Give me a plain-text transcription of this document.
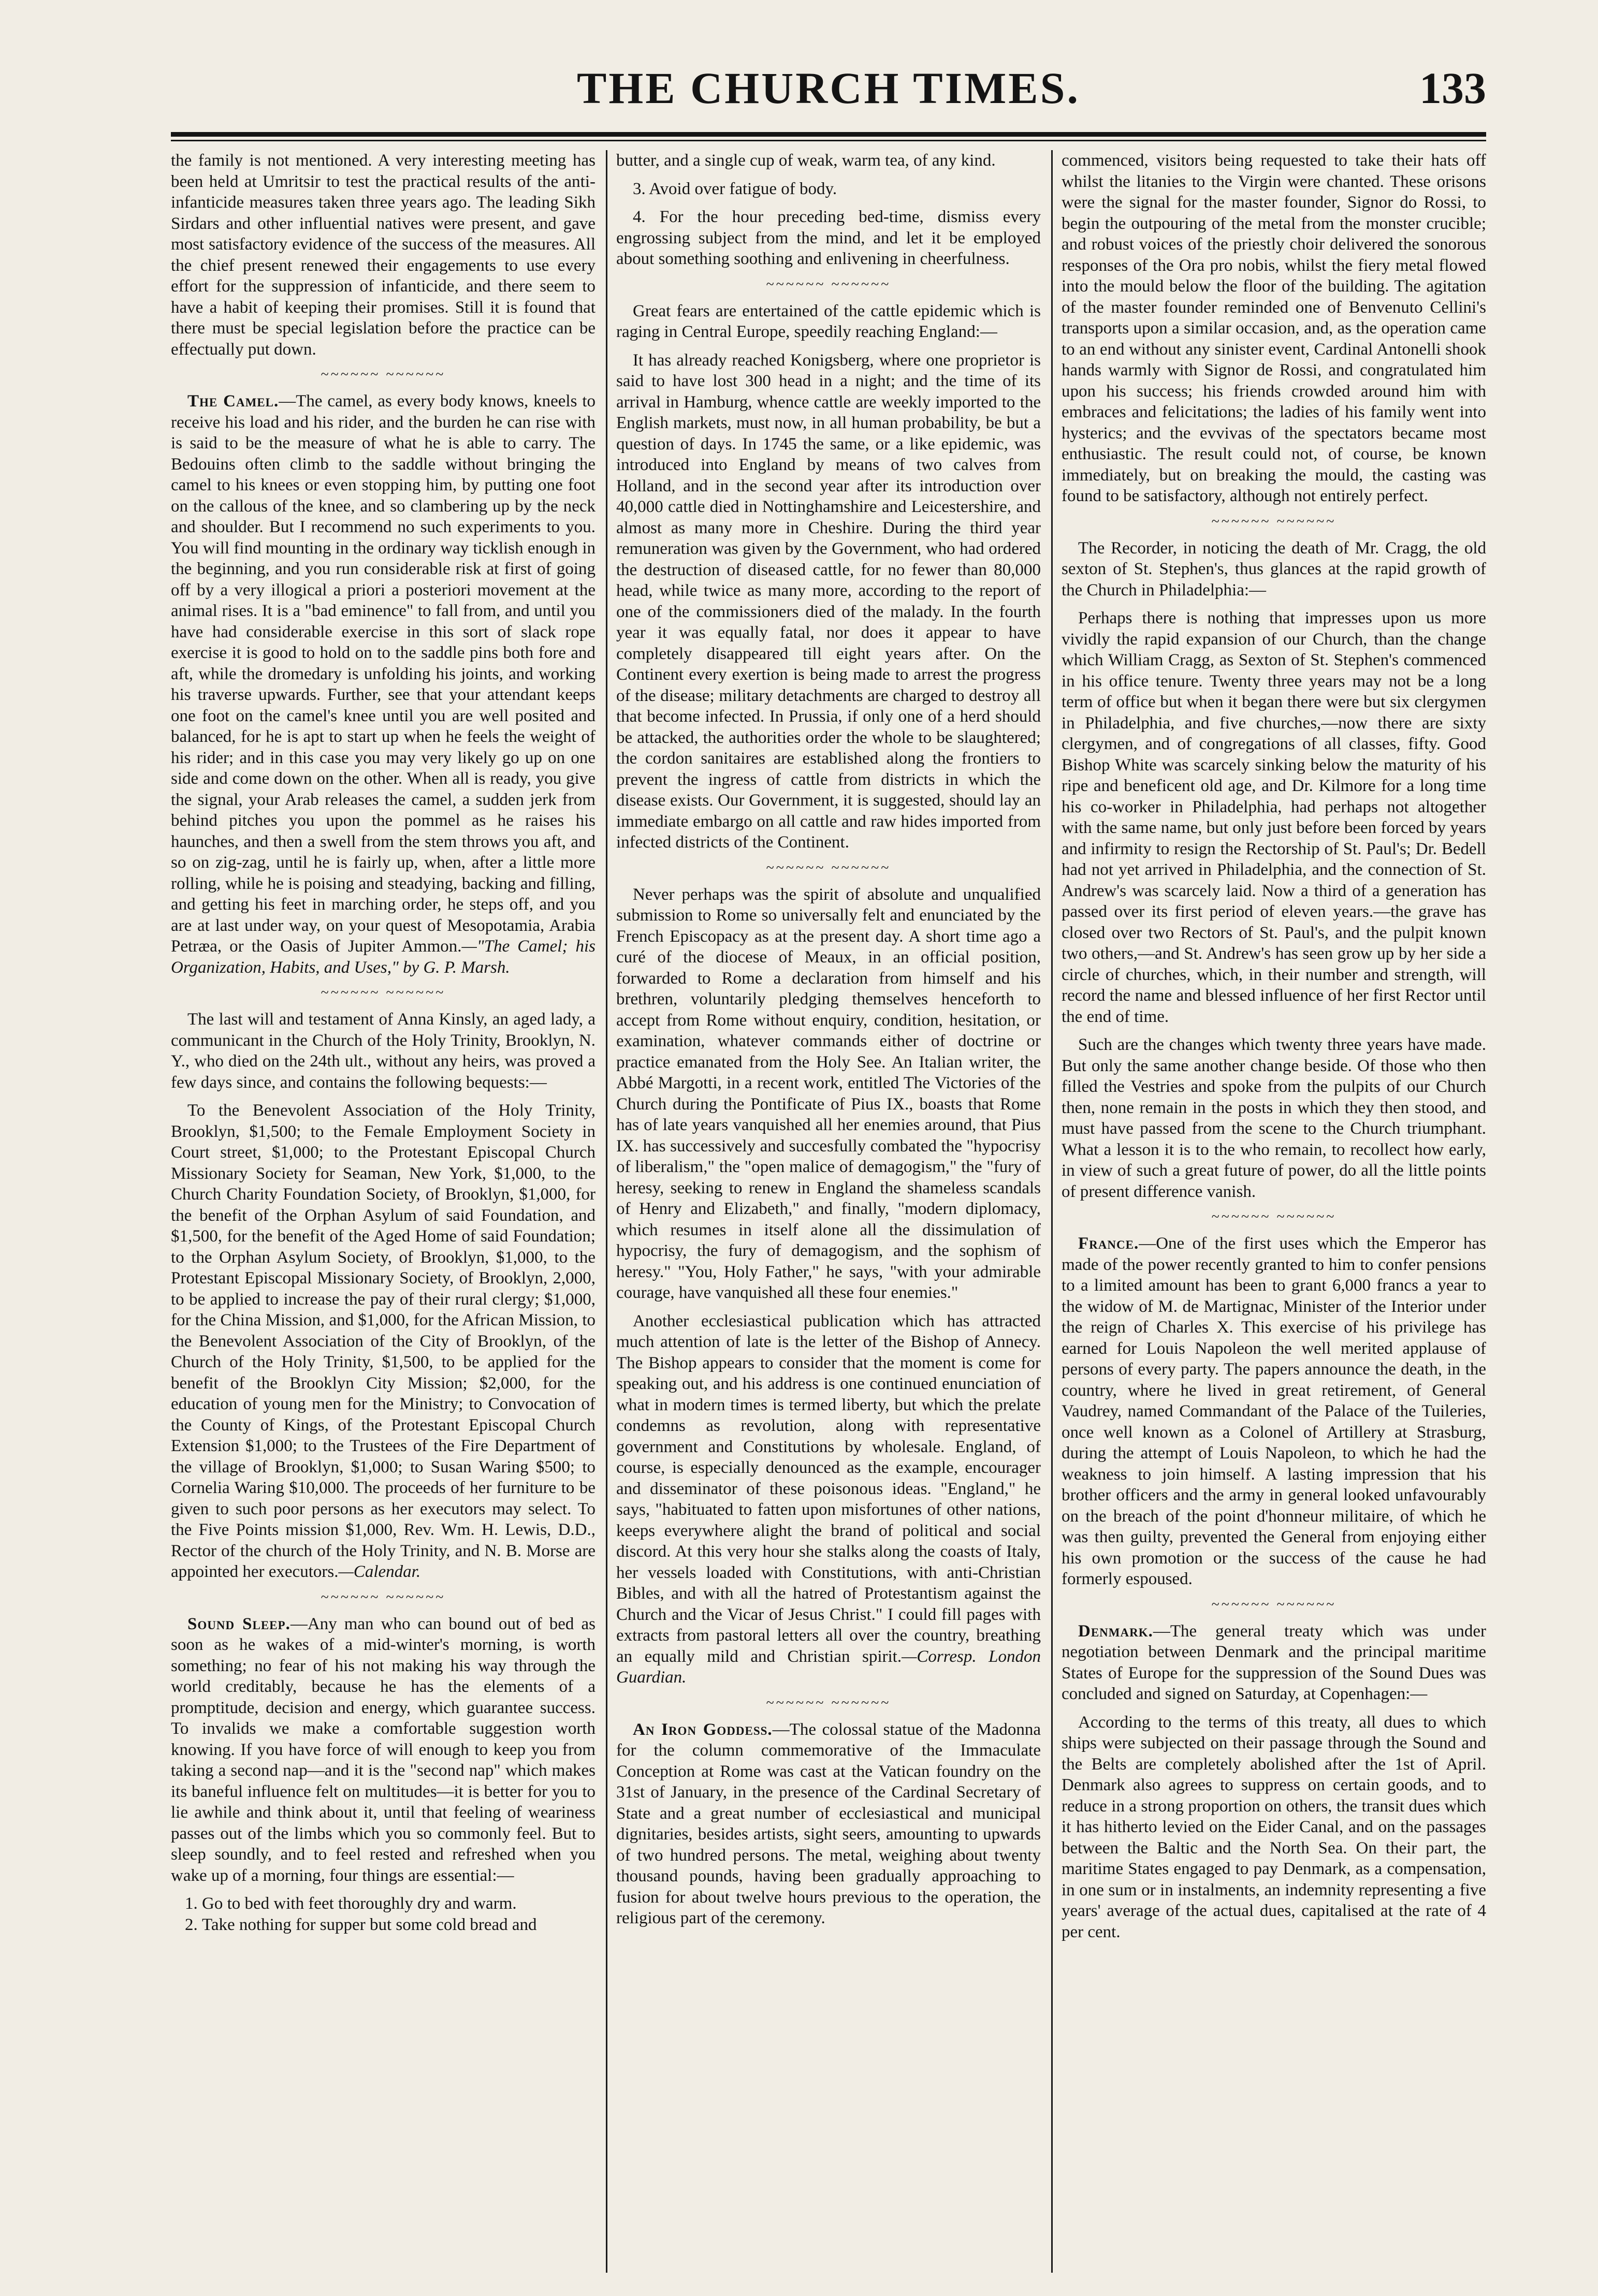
THE CHURCH TIMES.	133

the family is not mentioned. A very interesting meeting has been held at Umritsir to test the practical results of the anti-infanticide measures taken three years ago. The leading Sikh Sirdars and other influential natives were present, and gave most satisfactory evidence of the success of the measures. All the chief present renewed their engagements to use every effort for the suppression of infanticide, and there seem to have a habit of keeping their promises. Still it is found that there must be special legislation before the practice can be effectually put down.

~~~~~~ ~~~~~~

The Camel.—The camel, as every body knows, kneels to receive his load and his rider, and the burden he can rise with is said to be the measure of what he is able to carry. The Bedouins often climb to the saddle without bringing the camel to his knees or even stopping him, by putting one foot on the callous of the knee, and so clambering up by the neck and shoulder. But I recommend no such experiments to you. You will find mounting in the ordinary way ticklish enough in the beginning, and you run considerable risk at first of going off by a very illogical a priori a posteriori movement at the animal rises. It is a "bad eminence" to fall from, and until you have had considerable exercise in this sort of slack rope exercise it is good to hold on to the saddle pins both fore and aft, while the dromedary is unfolding his joints, and working his traverse upwards. Further, see that your attendant keeps one foot on the camel's knee until you are well posited and balanced, for he is apt to start up when he feels the weight of his rider; and in this case you may very likely go up on one side and come down on the other. When all is ready, you give the signal, your Arab releases the camel, a sudden jerk from behind pitches you upon the pommel as he raises his haunches, and then a swell from the stem throws you aft, and so on zig-zag, until he is fairly up, when, after a little more rolling, while he is poising and steadying, backing and filling, and getting his feet in marching order, he steps off, and you are at last under way, on your quest of Mesopotamia, Arabia Petræa, or the Oasis of Jupiter Ammon.—"The Camel; his Organization, Habits, and Uses," by G. P. Marsh.

~~~~~~ ~~~~~~

The last will and testament of Anna Kinsly, an aged lady, a communicant in the Church of the Holy Trinity, Brooklyn, N. Y., who died on the 24th ult., without any heirs, was proved a few days since, and contains the following bequests:—

To the Benevolent Association of the Holy Trinity, Brooklyn, $1,500; to the Female Employment Society in Court street, $1,000; to the Protestant Episcopal Church Missionary Society for Seaman, New York, $1,000, to the Church Charity Foundation Society, of Brooklyn, $1,000, for the benefit of the Orphan Asylum of said Foundation, and $1,500, for the benefit of the Aged Home of said Foundation; to the Orphan Asylum Society, of Brooklyn, $1,000, to the Protestant Episcopal Missionary Society, of Brooklyn, 2,000, to be applied to increase the pay of their rural clergy; $1,000, for the China Mission, and $1,000, for the African Mission, to the Benevolent Association of the City of Brooklyn, of the Church of the Holy Trinity, $1,500, to be applied for the benefit of the Brooklyn City Mission; $2,000, for the education of young men for the Ministry; to Convocation of the County of Kings, of the Protestant Episcopal Church Extension $1,000; to the Trustees of the Fire Department of the village of Brooklyn, $1,000; to Susan Waring $500; to Cornelia Waring $10,000. The proceeds of her furniture to be given to such poor persons as her executors may select. To the Five Points mission $1,000, Rev. Wm. H. Lewis, D.D., Rector of the church of the Holy Trinity, and N. B. Morse are appointed her executors.—Calendar.

~~~~~~ ~~~~~~

Sound Sleep.—Any man who can bound out of bed as soon as he wakes of a mid-winter's morning, is worth something; no fear of his not making his way through the world creditably, because he has the elements of a promptitude, decision and energy, which guarantee success. To invalids we make a comfortable suggestion worth knowing. If you have force of will enough to keep you from taking a second nap—and it is the "second nap" which makes its baneful influence felt on multitudes—it is better for you to lie awhile and think about it, until that feeling of weariness passes out of the limbs which you so commonly feel. But to sleep soundly, and to feel rested and refreshed when you wake up of a morning, four things are essential:—

1. Go to bed with feet thoroughly dry and warm.
2. Take nothing for supper but some cold bread and

butter, and a single cup of weak, warm tea, of any kind.

3. Avoid over fatigue of body.

4. For the hour preceding bed-time, dismiss every engrossing subject from the mind, and let it be employed about something soothing and enlivening in cheerfulness.

~~~~~~ ~~~~~~

Great fears are entertained of the cattle epidemic which is raging in Central Europe, speedily reaching England:—

It has already reached Konigsberg, where one proprietor is said to have lost 300 head in a night; and the time of its arrival in Hamburg, whence cattle are weekly imported to the English markets, must now, in all human probability, be but a question of days. In 1745 the same, or a like epidemic, was introduced into England by means of two calves from Holland, and in the second year after its introduction over 40,000 cattle died in Nottinghamshire and Leicestershire, and almost as many more in Cheshire. During the third year remuneration was given by the Government, who had ordered the destruction of diseased cattle, for no fewer than 80,000 head, while twice as many more, according to the report of one of the commissioners died of the malady. In the fourth year it was equally fatal, nor does it appear to have completely disappeared till eight years after. On the Continent every exertion is being made to arrest the progress of the disease; military detachments are charged to destroy all that become infected. In Prussia, if only one of a herd should be attacked, the authorities order the whole to be slaughtered; the cordon sanitaires are established along the frontiers to prevent the ingress of cattle from districts in which the disease exists. Our Government, it is suggested, should lay an immediate embargo on all cattle and raw hides imported from infected districts of the Continent.

~~~~~~ ~~~~~~

Never perhaps was the spirit of absolute and unqualified submission to Rome so universally felt and enunciated by the French Episcopacy as at the present day. A short time ago a curé of the diocese of Meaux, in an official position, forwarded to Rome a declaration from himself and his brethren, voluntarily pledging themselves henceforth to accept from Rome without enquiry, condition, hesitation, or examination, whatever commands either of doctrine or practice emanated from the Holy See. An Italian writer, the Abbé Margotti, in a recent work, entitled The Victories of the Church during the Pontificate of Pius IX., boasts that Rome has of late years vanquished all her enemies around, that Pius IX. has successively and succesfully combated the "hypocrisy of liberalism," the "open malice of demagogism," the "fury of heresy, seeking to renew in England the shameless scandals of Henry and Elizabeth," and finally, "modern diplomacy, which resumes in itself alone all the dissimulation of hypocrisy, the fury of demagogism, and the sophism of heresy." "You, Holy Father," he says, "with your admirable courage, have vanquished all these four enemies."

Another ecclesiastical publication which has attracted much attention of late is the letter of the Bishop of Annecy. The Bishop appears to consider that the moment is come for speaking out, and his address is one continued enunciation of what in modern times is termed liberty, but which the prelate condemns as revolution, along with representative government and Constitutions by wholesale. England, of course, is especially denounced as the example, encourager and disseminator of these poisonous ideas. "England," he says, "habituated to fatten upon misfortunes of other nations, keeps everywhere alight the brand of political and social discord. At this very hour she stalks along the coasts of Italy, her vessels loaded with Constitutions, with anti-Christian Bibles, and with all the hatred of Protestantism against the Church and the Vicar of Jesus Christ." I could fill pages with extracts from pastoral letters all over the country, breathing an equally mild and Christian spirit.—Corresp. London Guardian.

~~~~~~ ~~~~~~

An Iron Goddess.—The colossal statue of the Madonna for the column commemorative of the Immaculate Conception at Rome was cast at the Vatican foundry on the 31st of January, in the presence of the Cardinal Secretary of State and a great number of ecclesiastical and municipal dignitaries, besides artists, sight seers, amounting to upwards of two hundred persons. The metal, weighing about twenty thousand pounds, having been gradually approaching to fusion for about twelve hours previous to the operation, the religious part of the ceremony.

commenced, visitors being requested to take their hats off whilst the litanies to the Virgin were chanted. These orisons were the signal for the master founder, Signor do Rossi, to begin the outpouring of the metal from the monster crucible; and robust voices of the priestly choir delivered the sonorous responses of the Ora pro nobis, whilst the fiery metal flowed into the mould below the floor of the building. The agitation of the master founder reminded one of Benvenuto Cellini's transports upon a similar occasion, and, as the operation came to an end without any sinister event, Cardinal Antonelli shook hands warmly with Signor de Rossi, and congratulated him upon his success; his friends crowded around him with embraces and felicitations; the ladies of his family went into hysterics; and the evvivas of the spectators became most enthusiastic. The result could not, of course, be known immediately, but on breaking the mould, the casting was found to be satisfactory, although not entirely perfect.

~~~~~~ ~~~~~~

The Recorder, in noticing the death of Mr. Cragg, the old sexton of St. Stephen's, thus glances at the rapid growth of the Church in Philadelphia:—

Perhaps there is nothing that impresses upon us more vividly the rapid expansion of our Church, than the change which William Cragg, as Sexton of St. Stephen's commenced in his office tenure. Twenty three years may not be a long term of office but when it began there were but six clergymen in Philadelphia, and five churches,—now there are sixty clergymen, and of congregations of all classes, fifty. Good Bishop White was scarcely sinking below the maturity of his ripe and beneficent old age, and Dr. Kilmore for a long time his co-worker in Philadelphia, had perhaps not altogether with the same name, but only just before been forced by years and infirmity to resign the Rectorship of St. Paul's; Dr. Bedell had not yet arrived in Philadelphia, and the connection of St. Andrew's was scarcely laid. Now a third of a generation has passed over its first period of eleven years.—the grave has closed over two Rectors of St. Paul's, and the pulpit known two others,—and St. Andrew's has seen grow up by her side a circle of churches, which, in their number and strength, will record the name and blessed influence of her first Rector until the end of time.

Such are the changes which twenty three years have made. But only the same another change beside. Of those who then filled the Vestries and spoke from the pulpits of our Church then, none remain in the posts in which they then stood, and must have passed from the scene to the Church triumphant. What a lesson it is to the who remain, to recollect how early, in view of such a great future of power, do all the little points of present difference vanish.

~~~~~~ ~~~~~~

France.—One of the first uses which the Emperor has made of the power recently granted to him to confer pensions to a limited amount has been to grant 6,000 francs a year to the widow of M. de Martignac, Minister of the Interior under the reign of Charles X. This exercise of his privilege has earned for Louis Napoleon the well merited applause of persons of every party. The papers announce the death, in the country, where he lived in great retirement, of General Vaudrey, named Commandant of the Palace of the Tuileries, once well known as a Colonel of Artillery at Strasburg, during the attempt of Louis Napoleon, to which he had the weakness to join himself. A lasting impression that his brother officers and the army in general looked unfavourably on the breach of the point d'honneur militaire, of which he was then guilty, prevented the General from enjoying either his own promotion or the success of the cause he had formerly espoused.

~~~~~~ ~~~~~~

Denmark.—The general treaty which was under negotiation between Denmark and the principal maritime States of Europe for the suppression of the Sound Dues was concluded and signed on Saturday, at Copenhagen:—

According to the terms of this treaty, all dues to which ships were subjected on their passage through the Sound and the Belts are completely abolished after the 1st of April. Denmark also agrees to suppress on certain goods, and to reduce in a strong proportion on others, the transit dues which it has hitherto levied on the Eider Canal, and on the passages between the Baltic and the North Sea. On their part, the maritime States engaged to pay Denmark, as a compensation, in one sum or in instalments, an indemnity representing a five years' average of the actual dues, capitalised at the rate of 4 per cent.
